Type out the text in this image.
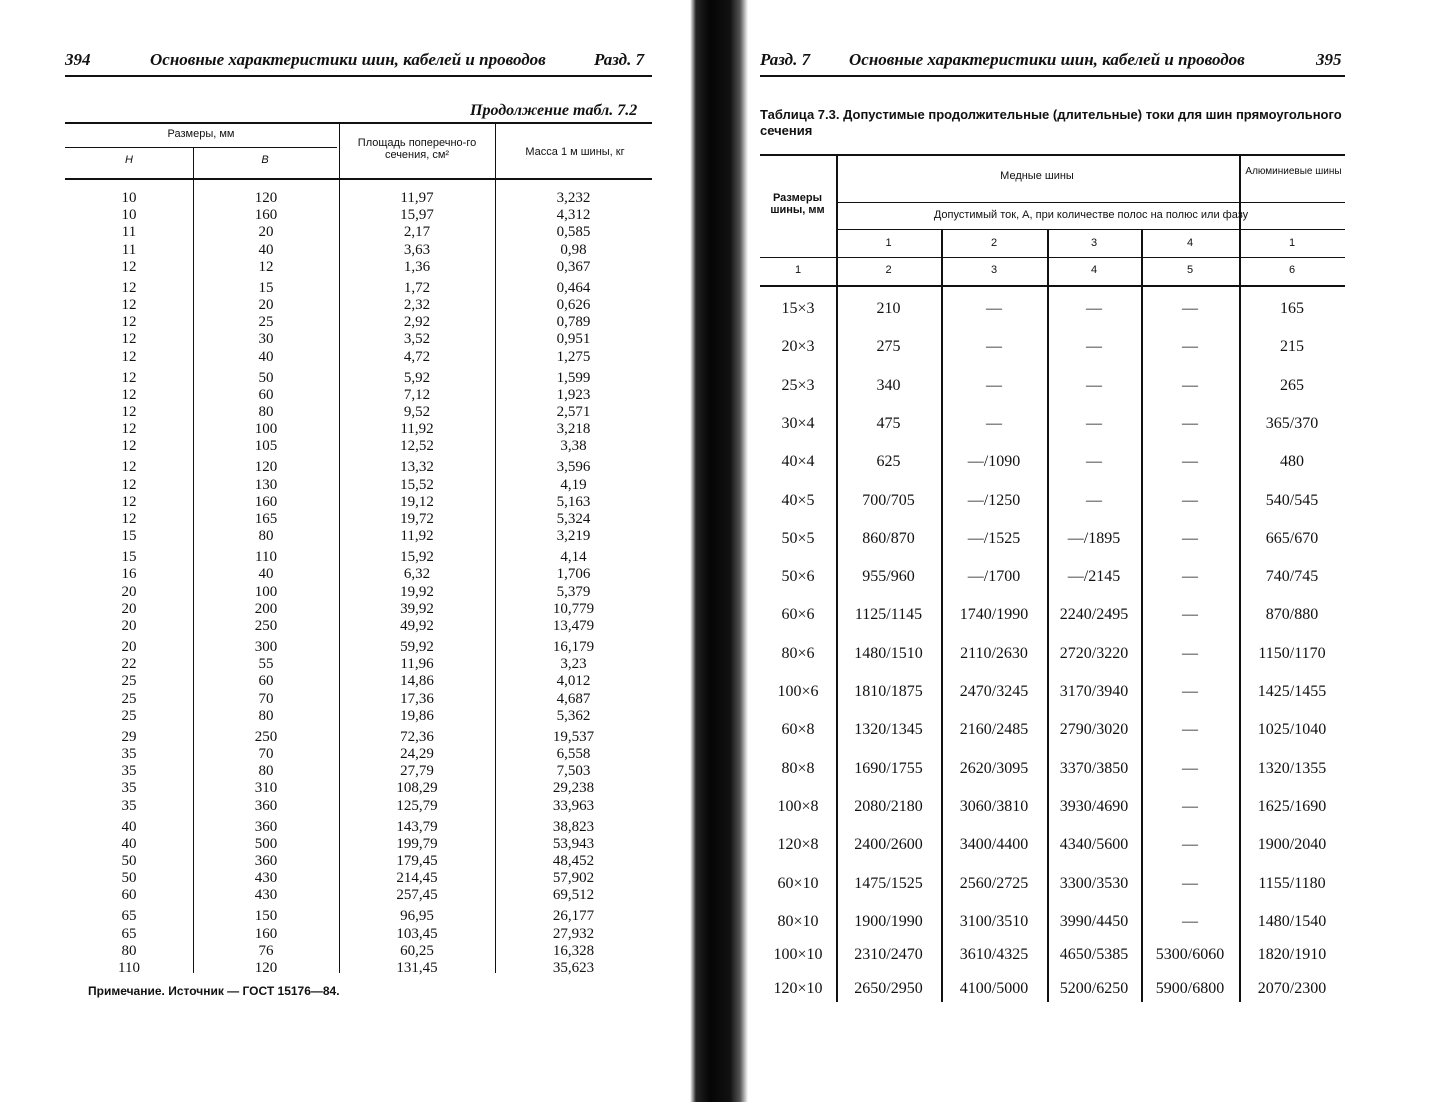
394	Основные характеристики шин, кабелей и проводов	Разд. 7
Продолжение табл. 7.2
Размеры, мм
H	B
Площадь поперечно-го сечения, см²	Масса 1 м шины, кг
10	120	11,97	3,232
10	160	15,97	4,312
11	20	2,17	0,585
11	40	3,63	0,98
12	12	1,36	0,367
12	15	1,72	0,464
12	20	2,32	0,626
12	25	2,92	0,789
12	30	3,52	0,951
12	40	4,72	1,275
12	50	5,92	1,599
12	60	7,12	1,923
12	80	9,52	2,571
12	100	11,92	3,218
12	105	12,52	3,38
12	120	13,32	3,596
12	130	15,52	4,19
12	160	19,12	5,163
12	165	19,72	5,324
15	80	11,92	3,219
15	110	15,92	4,14
16	40	6,32	1,706
20	100	19,92	5,379
20	200	39,92	10,779
20	250	49,92	13,479
20	300	59,92	16,179
22	55	11,96	3,23
25	60	14,86	4,012
25	70	17,36	4,687
25	80	19,86	5,362
29	250	72,36	19,537
35	70	24,29	6,558
35	80	27,79	7,503
35	310	108,29	29,238
35	360	125,79	33,963
40	360	143,79	38,823
40	500	199,79	53,943
50	360	179,45	48,452
50	430	214,45	57,902
60	430	257,45	69,512
65	150	96,95	26,177
65	160	103,45	27,932
80	76	60,25	16,328
110	120	131,45	35,623
Примечание. Источник — ГОСТ 15176—84.
Разд. 7 Основные характеристики шин, кабелей и проводов	395
Таблица 7.3. Допустимые продолжительные (длительные) токи для шин прямоугольного сечения
Размеры шины, мм
Медные шины	Алюминиевые шины
Допустимый ток, А, при количестве полос на полюс или фазу
1	2	3	4	1
1	2	3	4	5	6
15×3	210	—	—	—	165
20×3	275	—	—	—	215
25×3	340	—	—	—	265
30×4	475	—	—	—	365/370
40×4	625	—/1090	—	—	480
40×5	700/705	—/1250	—	—	540/545
50×5	860/870	—/1525	—/1895	—	665/670
50×6	955/960	—/1700	—/2145	—	740/745
60×6	1125/1145	1740/1990	2240/2495	—	870/880
80×6	1480/1510	2110/2630	2720/3220	—	1150/1170
100×6	1810/1875	2470/3245	3170/3940	—	1425/1455
60×8	1320/1345	2160/2485	2790/3020	—	1025/1040
80×8	1690/1755	2620/3095	3370/3850	—	1320/1355
100×8	2080/2180	3060/3810	3930/4690	—	1625/1690
120×8	2400/2600	3400/4400	4340/5600	—	1900/2040
60×10	1475/1525	2560/2725	3300/3530	—	1155/1180
80×10	1900/1990	3100/3510	3990/4450	—	1480/1540
100×10	2310/2470	3610/4325	4650/5385	5300/6060	1820/1910
120×10	2650/2950	4100/5000	5200/6250	5900/6800	2070/2300
